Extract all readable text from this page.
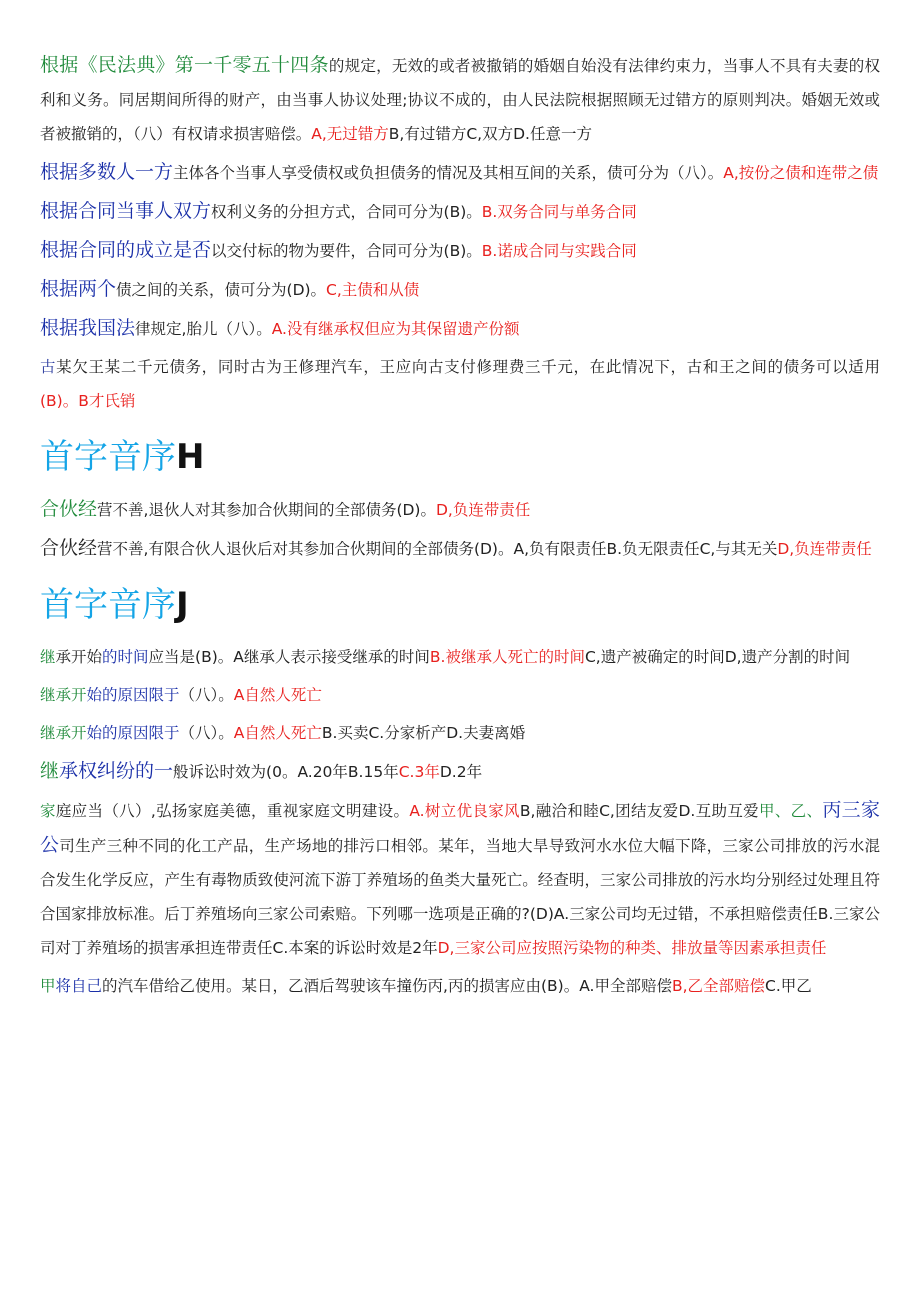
根据《民法典》第一千零五十四条的规定，无效的或者被撤销的婚姻自始没有法律约束力，当事人不具有夫妻的权利和义务。同居期间所得的财产，由当事人协议处理;协议不成的，由人民法院根据照顾无过错方的原则判决。婚姻无效或者被撤销的，（八）有权请求损害赔偿。A,无过错方B,有过错方C,双方D.任意一方

根据多数人一方主体各个当事人享受债权或负担债务的情况及其相互间的关系，债可分为（八）。A,按份之债和连带之债

根据合同当事人双方权利义务的分担方式，合同可分为(B)。B.双务合同与单务合同

根据合同的成立是否以交付标的物为要件，合同可分为(B)。B.诺成合同与实践合同

根据两个债之间的关系，债可分为(D)。C,主债和从债

根据我国法律规定,胎儿（八）。A.没有继承权但应为其保留遗产份额

古某欠王某二千元债务，同时古为王修理汽车，王应向古支付修理费三千元，在此情况下，古和王之间的债务可以适用(B)。B才氏销

首字音序H

合伙经营不善,退伙人对其参加合伙期间的全部债务(D)。D,负连带责任

合伙经营不善,有限合伙人退伙后对其参加合伙期间的全部债务(D)。A,负有限责任B.负无限责任C,与其无关D,负连带责任

首字音序J

继承开始的时间应当是(B)。A继承人表示接受继承的时间B.被继承人死亡的时间C,遗产被确定的时间D,遗产分割的时间

继承开始的原因限于（八）。A自然人死亡

继承开始的原因限于（八）。A自然人死亡B.买卖C.分家析产D.夫妻离婚

继承权纠纷的一般诉讼时效为(0。A.20年B.15年C.3年D.2年

家庭应当（八）,弘扬家庭美德，重视家庭文明建设。A.树立优良家风B,融洽和睦C,团结友爱D.互助互爱甲、乙、丙三家公司生产三种不同的化工产品，生产场地的排污口相邻。某年，当地大旱导致河水水位大幅下降，三家公司排放的污水混合发生化学反应，产生有毒物质致使河流下游丁养殖场的鱼类大量死亡。经查明，三家公司排放的污水均分别经过处理且符合国家排放标准。后丁养殖场向三家公司索赔。下列哪一选项是正确的?(D)A.三家公司均无过错，不承担赔偿责任B.三家公司对丁养殖场的损害承担连带责任C.本案的诉讼时效是2年D,三家公司应按照污染物的种类、排放量等因素承担责任

甲将自己的汽车借给乙使用。某日，乙酒后驾驶该车撞伤丙,丙的损害应由(B)。A.甲全部赔偿B,乙全部赔偿C.甲乙
